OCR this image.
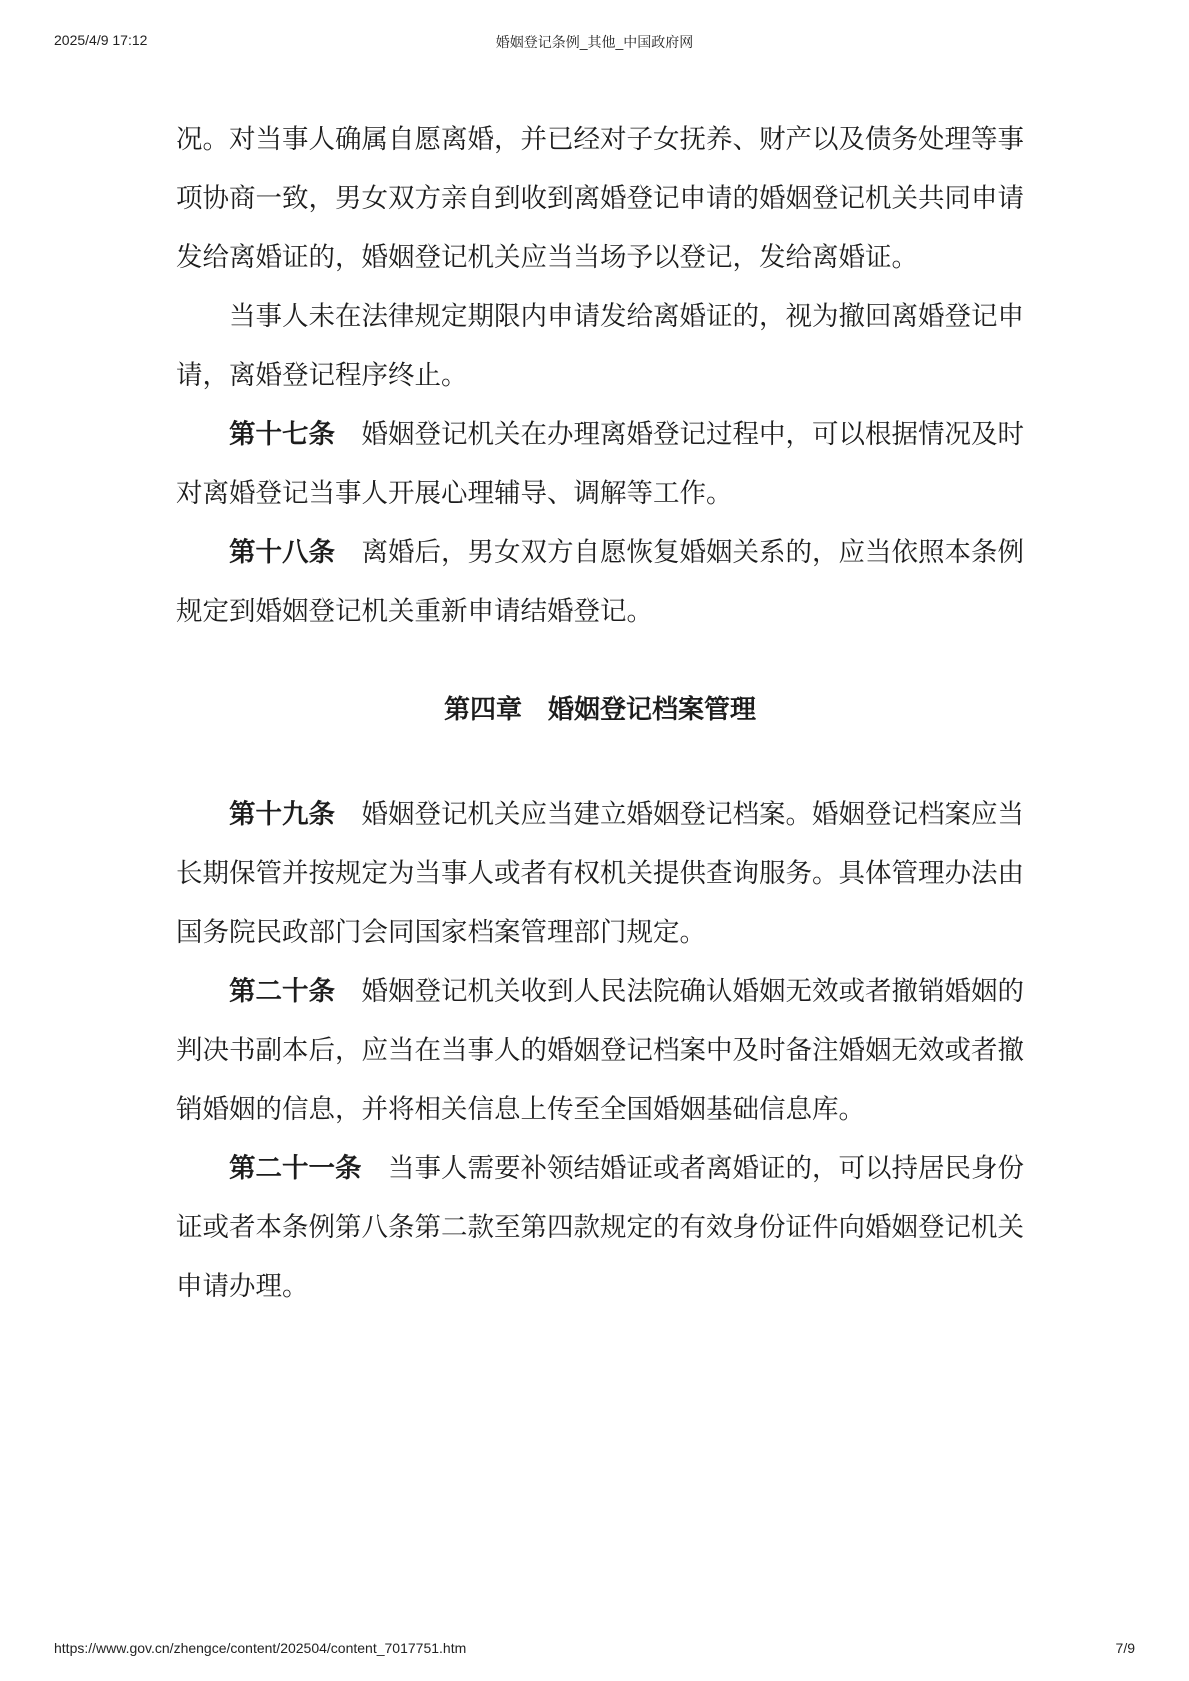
2025/4/9 17:12	婚姻登记条例_其他_中国政府网

况。对当事人确属自愿离婚，并已经对子女抚养、财产以及债务处理等事项协商一致，男女双方亲自到收到离婚登记申请的婚姻登记机关共同申请发给离婚证的，婚姻登记机关应当当场予以登记，发给离婚证。

当事人未在法律规定期限内申请发给离婚证的，视为撤回离婚登记申请，离婚登记程序终止。

第十七条 婚姻登记机关在办理离婚登记过程中，可以根据情况及时对离婚登记当事人开展心理辅导、调解等工作。

第十八条 离婚后，男女双方自愿恢复婚姻关系的，应当依照本条例规定到婚姻登记机关重新申请结婚登记。

第四章　婚姻登记档案管理

第十九条 婚姻登记机关应当建立婚姻登记档案。婚姻登记档案应当长期保管并按规定为当事人或者有权机关提供查询服务。具体管理办法由国务院民政部门会同国家档案管理部门规定。

第二十条 婚姻登记机关收到人民法院确认婚姻无效或者撤销婚姻的判决书副本后，应当在当事人的婚姻登记档案中及时备注婚姻无效或者撤销婚姻的信息，并将相关信息上传至全国婚姻基础信息库。

第二十一条 当事人需要补领结婚证或者离婚证的，可以持居民身份证或者本条例第八条第二款至第四款规定的有效身份证件向婚姻登记机关申请办理。

https://www.gov.cn/zhengce/content/202504/content_7017751.htm	7/9
